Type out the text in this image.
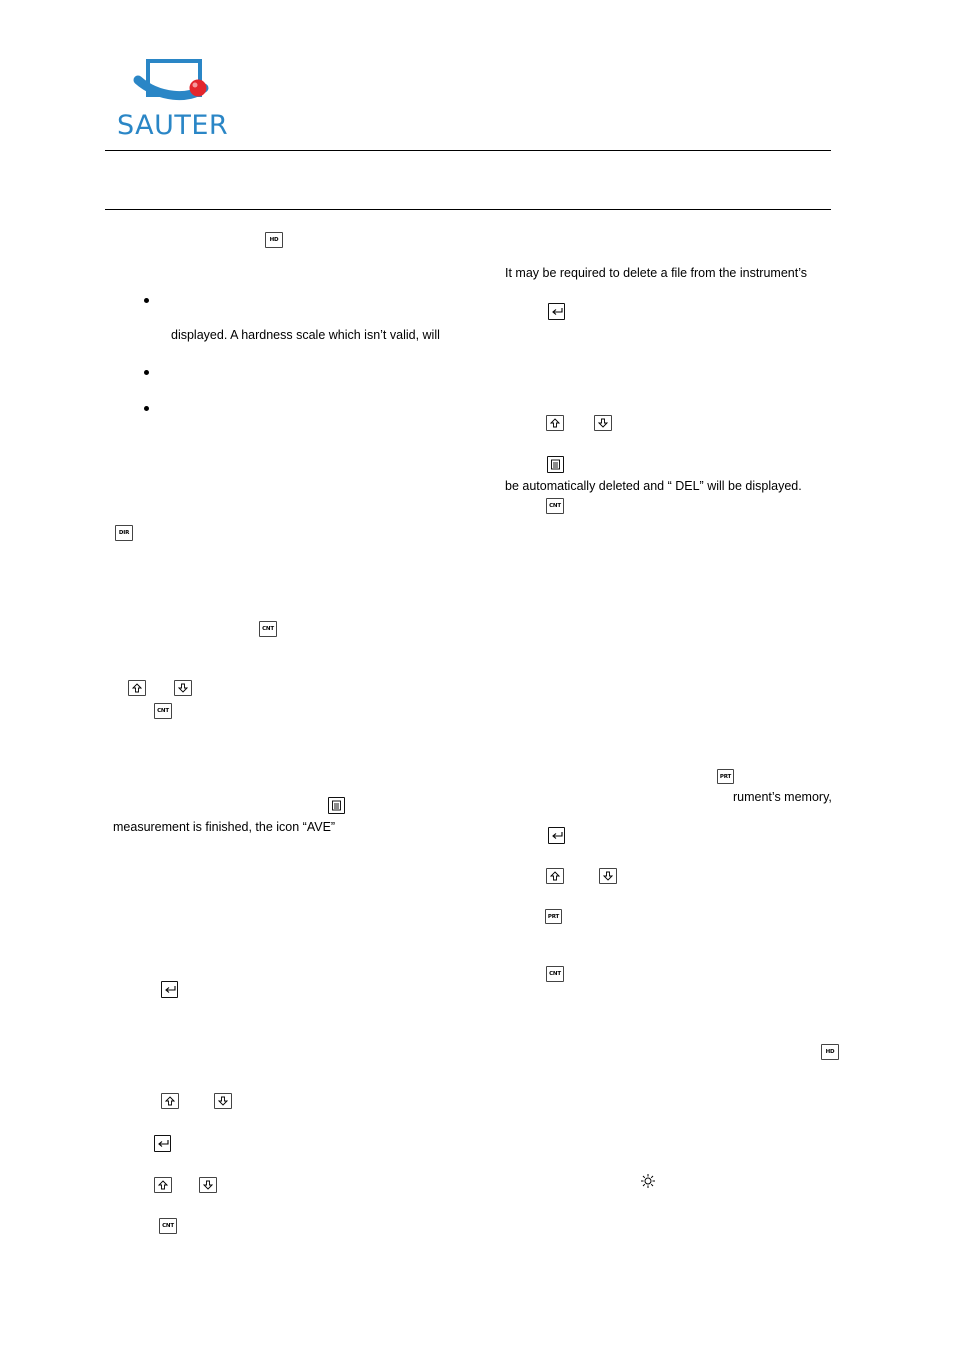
SAUTER
HD
displayed. A hardness scale which isn’t valid, will
DIR
CNT
CNT
measurement is finished, the icon “AVE”
CNT
It may be required to delete a file from the instrument’s
be automatically deleted and “ DEL” will be displayed.
CNT
PRT
rument’s memory,
PRT
CNT
HD
